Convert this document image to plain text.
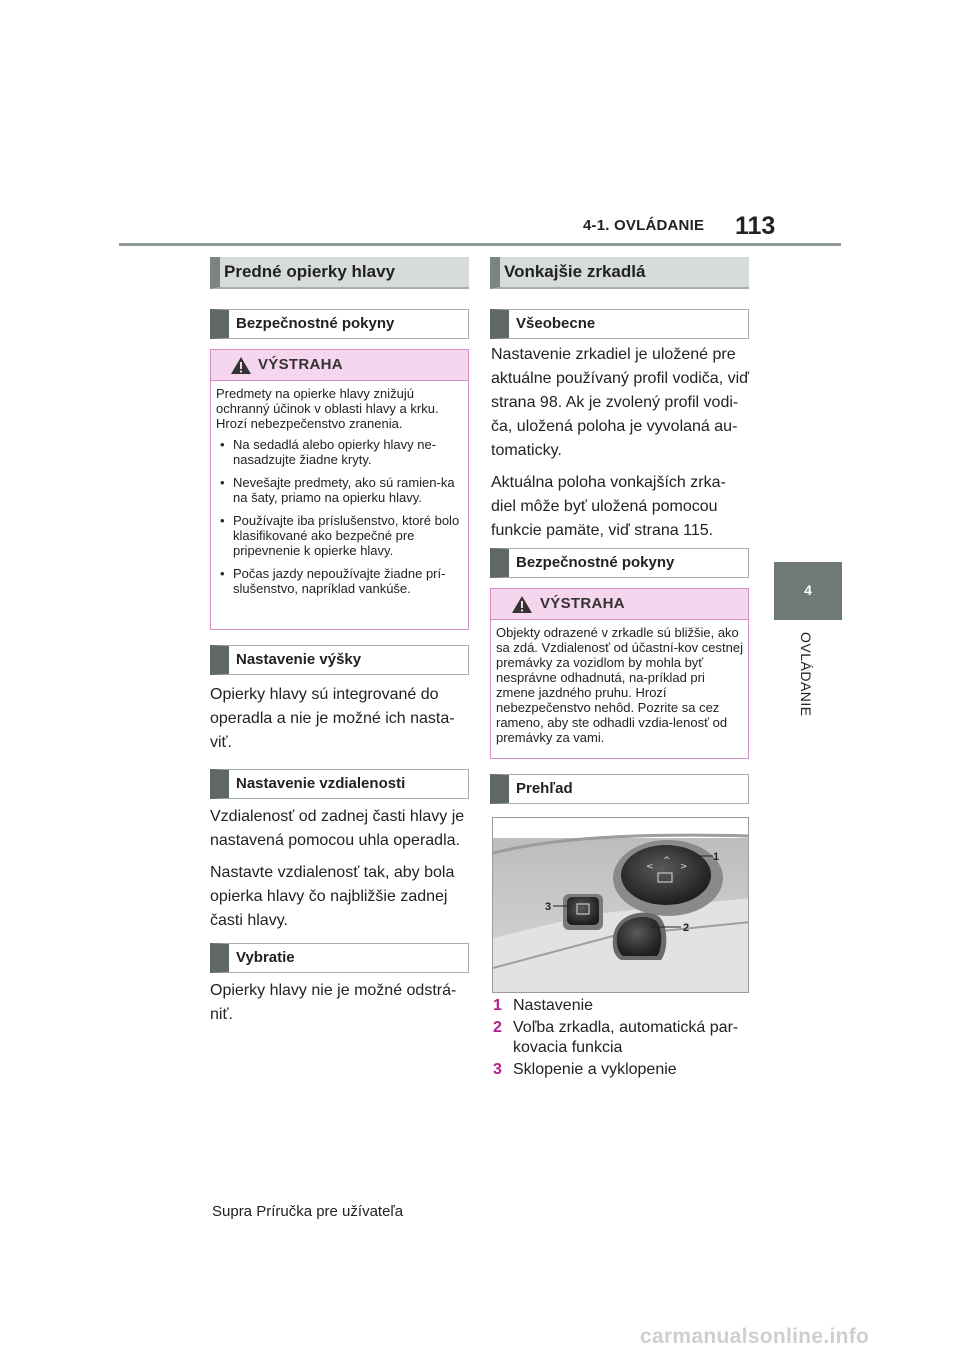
4-1. OVLÁDANIE 113
4
OVLÁDANIE
Predné opierky hlavy
Bezpečnostné pokyny
VÝSTRAHA

Predmety na opierke hlavy znižujú ochranný účinok v oblasti hlavy a krku. Hrozí nebezpečenstvo zranenia.

• Na sedadlá alebo opierky hlavy ne-nasadzujte žiadne kryty.
• Nevešajte predmety, ako sú ramien-ka na šaty, priamo na opierku hlavy.
• Používajte iba príslušenstvo, ktoré bolo klasifikované ako bezpečné pre pripevnenie k opierke hlavy.
• Počas jazdy nepoužívajte žiadne prí-slušenstvo, napríklad vankúše.
Nastavenie výšky

Opierky hlavy sú integrované do operadla a nie je možné ich nasta-viť.

Nastavenie vzdialenosti

Vzdialenosť od zadnej časti hlavy je nastavená pomocou uhla operadla.

Nastavte vzdialenosť tak, aby bola opierka hlavy čo najbližšie zadnej časti hlavy.

Vybratie

Opierky hlavy nie je možné odstrá-niť.

Vonkajšie zrkadlá
Všeobecne

Nastavenie zrkadiel je uložené pre aktuálne používaný profil vodiča, viď strana 98. Ak je zvolený profil vodi-ča, uložená poloha je vyvolaná au-tomaticky.

Aktuálna poloha vonkajších zrka-diel môže byť uložená pomocou funkcie pamäte, viď strana 115.

Bezpečnostné pokyny
VÝSTRAHA

Objekty odrazené v zrkadle sú bližšie, ako sa zdá. Vzdialenosť od účastní-kov cestnej premávky za vozidlom by mohla byť nesprávne odhadnutá, na-príklad pri zmene jazdného pruhu. Hrozí nebezpečenstvo nehôd. Pozrite sa cez rameno, aby ste odhadli vzdia-lenosť od premávky za vami.

Prehľad
<	>
^	1
2
3
1 Nastavenie
2 Voľba zrkadla, automatická par-kovacia funkcia
3 Sklopenie a vyklopenie
Supra Príručka pre užívateľa
carmanualsonline.info
